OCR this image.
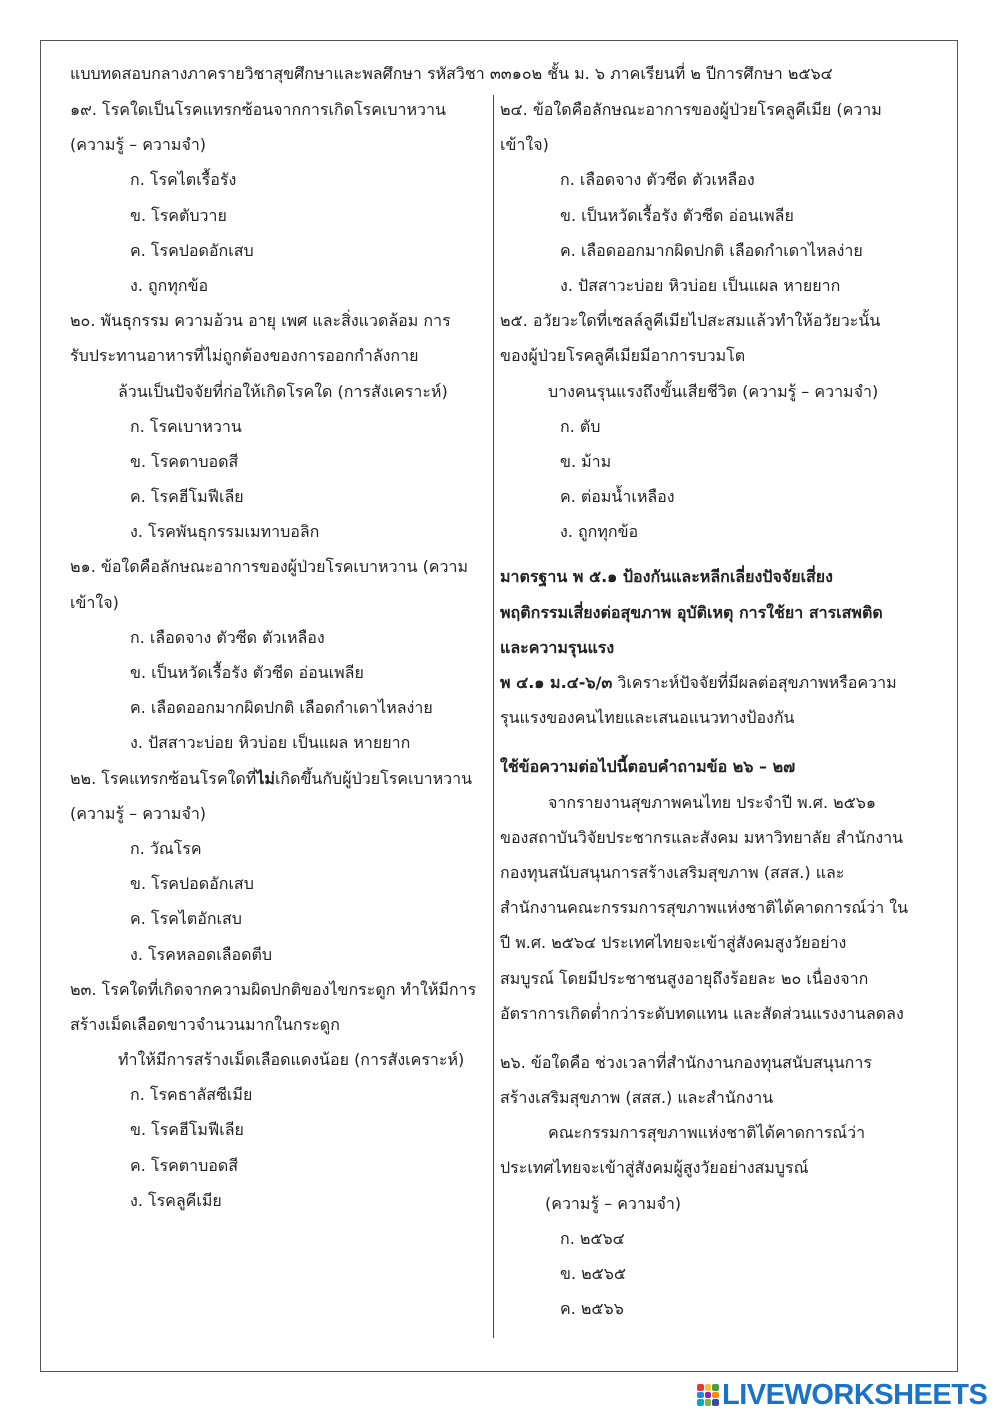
แบบทดสอบกลางภาครายวิชาสุขศึกษาและพลศึกษา รหัสวิชา ๓๓๑๐๒ ชั้น ม. ๖ ภาคเรียนที่ ๒ ปีการศึกษา ๒๕๖๔
๑๙. โรคใดเป็นโรคแทรกซ้อนจากการเกิดโรคเบาหวาน
(ความรู้ – ความจำ)
ก. โรคไตเรื้อรัง
ข. โรคตับวาย
ค. โรคปอดอักเสบ
ง. ถูกทุกข้อ
๒๐. พันธุกรรม ความอ้วน อายุ เพศ และสิ่งแวดล้อม การ
รับประทานอาหารที่ไม่ถูกต้องของการออกกำลังกาย
ล้วนเป็นปัจจัยที่ก่อให้เกิดโรคใด (การสังเคราะห์)
ก. โรคเบาหวาน
ข. โรคตาบอดสี
ค. โรคฮีโมฟีเลีย
ง. โรคพันธุกรรมเมทาบอลิก
๒๑. ข้อใดคือลักษณะอาการของผู้ป่วยโรคเบาหวาน (ความ
เข้าใจ)
ก. เลือดจาง ตัวซีด ตัวเหลือง
ข. เป็นหวัดเรื้อรัง ตัวซีด อ่อนเพลีย
ค. เลือดออกมากผิดปกติ เลือดกำเดาไหลง่าย
ง. ปัสสาวะบ่อย หิวบ่อย เป็นแผล หายยาก
๒๒. โรคแทรกซ้อนโรคใดที่ไม่เกิดขึ้นกับผู้ป่วยโรคเบาหวาน
(ความรู้ – ความจำ)
ก. วัณโรค
ข. โรคปอดอักเสบ
ค. โรคไตอักเสบ
ง. โรคหลอดเลือดตีบ
๒๓. โรคใดที่เกิดจากความผิดปกติของไขกระดูก ทำให้มีการ
สร้างเม็ดเลือดขาวจำนวนมากในกระดูก
ทำให้มีการสร้างเม็ดเลือดแดงน้อย (การสังเคราะห์)
ก. โรคธาลัสซีเมีย
ข. โรคฮีโมฟีเลีย
ค. โรคตาบอดสี
ง. โรคลูคีเมีย
๒๔. ข้อใดคือลักษณะอาการของผู้ป่วยโรคลูคีเมีย (ความ
เข้าใจ)
ก. เลือดจาง ตัวซีด ตัวเหลือง
ข. เป็นหวัดเรื้อรัง ตัวซีด อ่อนเพลีย
ค. เลือดออกมากผิดปกติ เลือดกำเดาไหลง่าย
ง. ปัสสาวะบ่อย หิวบ่อย เป็นแผล หายยาก
๒๕. อวัยวะใดที่เซลล์ลูคีเมียไปสะสมแล้วทำให้อวัยวะนั้น
ของผู้ป่วยโรคลูคีเมียมีอาการบวมโต
บางคนรุนแรงถึงขั้นเสียชีวิต (ความรู้ – ความจำ)
ก. ตับ
ข. ม้าม
ค. ต่อมน้ำเหลือง
ง. ถูกทุกข้อ
มาตรฐาน พ ๕.๑ ป้องกันและหลีกเลี่ยงปัจจัยเสี่ยง
พฤติกรรมเสี่ยงต่อสุขภาพ อุบัติเหตุ การใช้ยา สารเสพติด
และความรุนแรง
พ ๔.๑ ม.๔-๖/๓ วิเคราะห์ปัจจัยที่มีผลต่อสุขภาพหรือความ
รุนแรงของคนไทยและเสนอแนวทางป้องกัน
ใช้ข้อความต่อไปนี้ตอบคำถามข้อ ๒๖ – ๒๗
จากรายงานสุขภาพคนไทย ประจำปี พ.ศ. ๒๕๖๑
ของสถาบันวิจัยประชากรและสังคม มหาวิทยาลัย สำนักงาน
กองทุนสนับสนุนการสร้างเสริมสุขภาพ (สสส.) และ
สำนักงานคณะกรรมการสุขภาพแห่งชาติได้คาดการณ์ว่า ใน
ปี พ.ศ. ๒๕๖๔ ประเทศไทยจะเข้าสู่สังคมสูงวัยอย่าง
สมบูรณ์ โดยมีประชาชนสูงอายุถึงร้อยละ ๒๐ เนื่องจาก
อัตราการเกิดต่ำกว่าระดับทดแทน และสัดส่วนแรงงานลดลง
๒๖. ข้อใดคือ ช่วงเวลาที่สำนักงานกองทุนสนับสนุนการ
สร้างเสริมสุขภาพ (สสส.) และสำนักงาน
คณะกรรมการสุขภาพแห่งชาติได้คาดการณ์ว่า
ประเทศไทยจะเข้าสู่สังคมผู้สูงวัยอย่างสมบูรณ์
(ความรู้ – ความจำ)
ก. ๒๕๖๔
ข. ๒๕๖๕
ค. ๒๕๖๖
LIVEWORKSHEETS
